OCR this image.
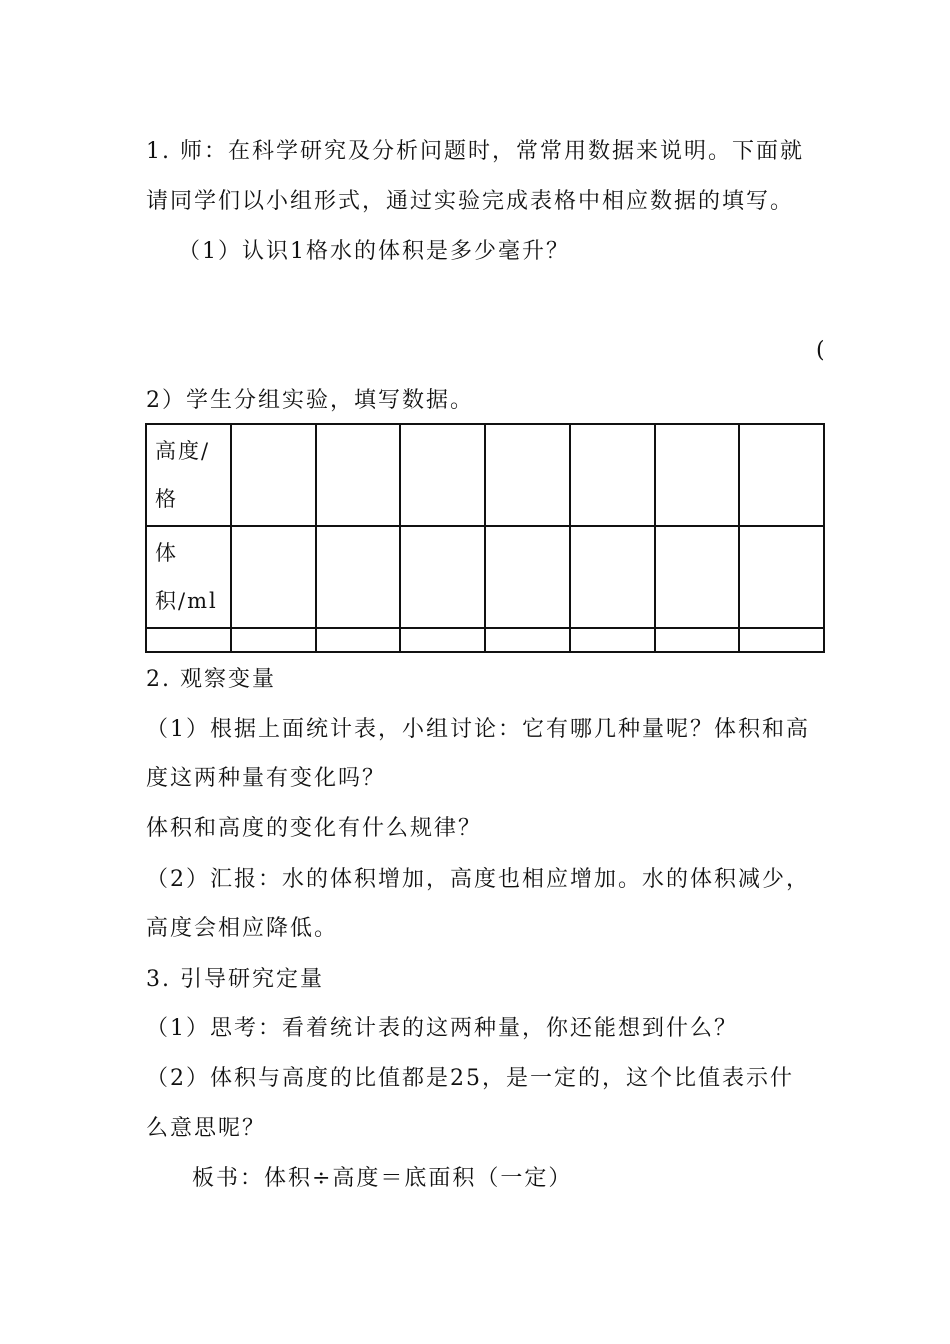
1. 师：在科学研究及分析问题时，常常用数据来说明。下面就
请同学们以小组形式，通过实验完成表格中相应数据的填写。
（1）认识1格水的体积是多少毫升？
(
2）学生分组实验，填写数据。
高度/
格							

体
积/ml							

2. 观察变量
（1）根据上面统计表，小组讨论：它有哪几种量呢？体积和高
度这两种量有变化吗？
体积和高度的变化有什么规律？
（2）汇报：水的体积增加，高度也相应增加。水的体积减少，
高度会相应降低。
3. 引导研究定量
（1）思考：看着统计表的这两种量，你还能想到什么？
（2）体积与高度的比值都是25，是一定的，这个比值表示什
么意思呢？
板书：体积÷高度＝底面积（一定）
